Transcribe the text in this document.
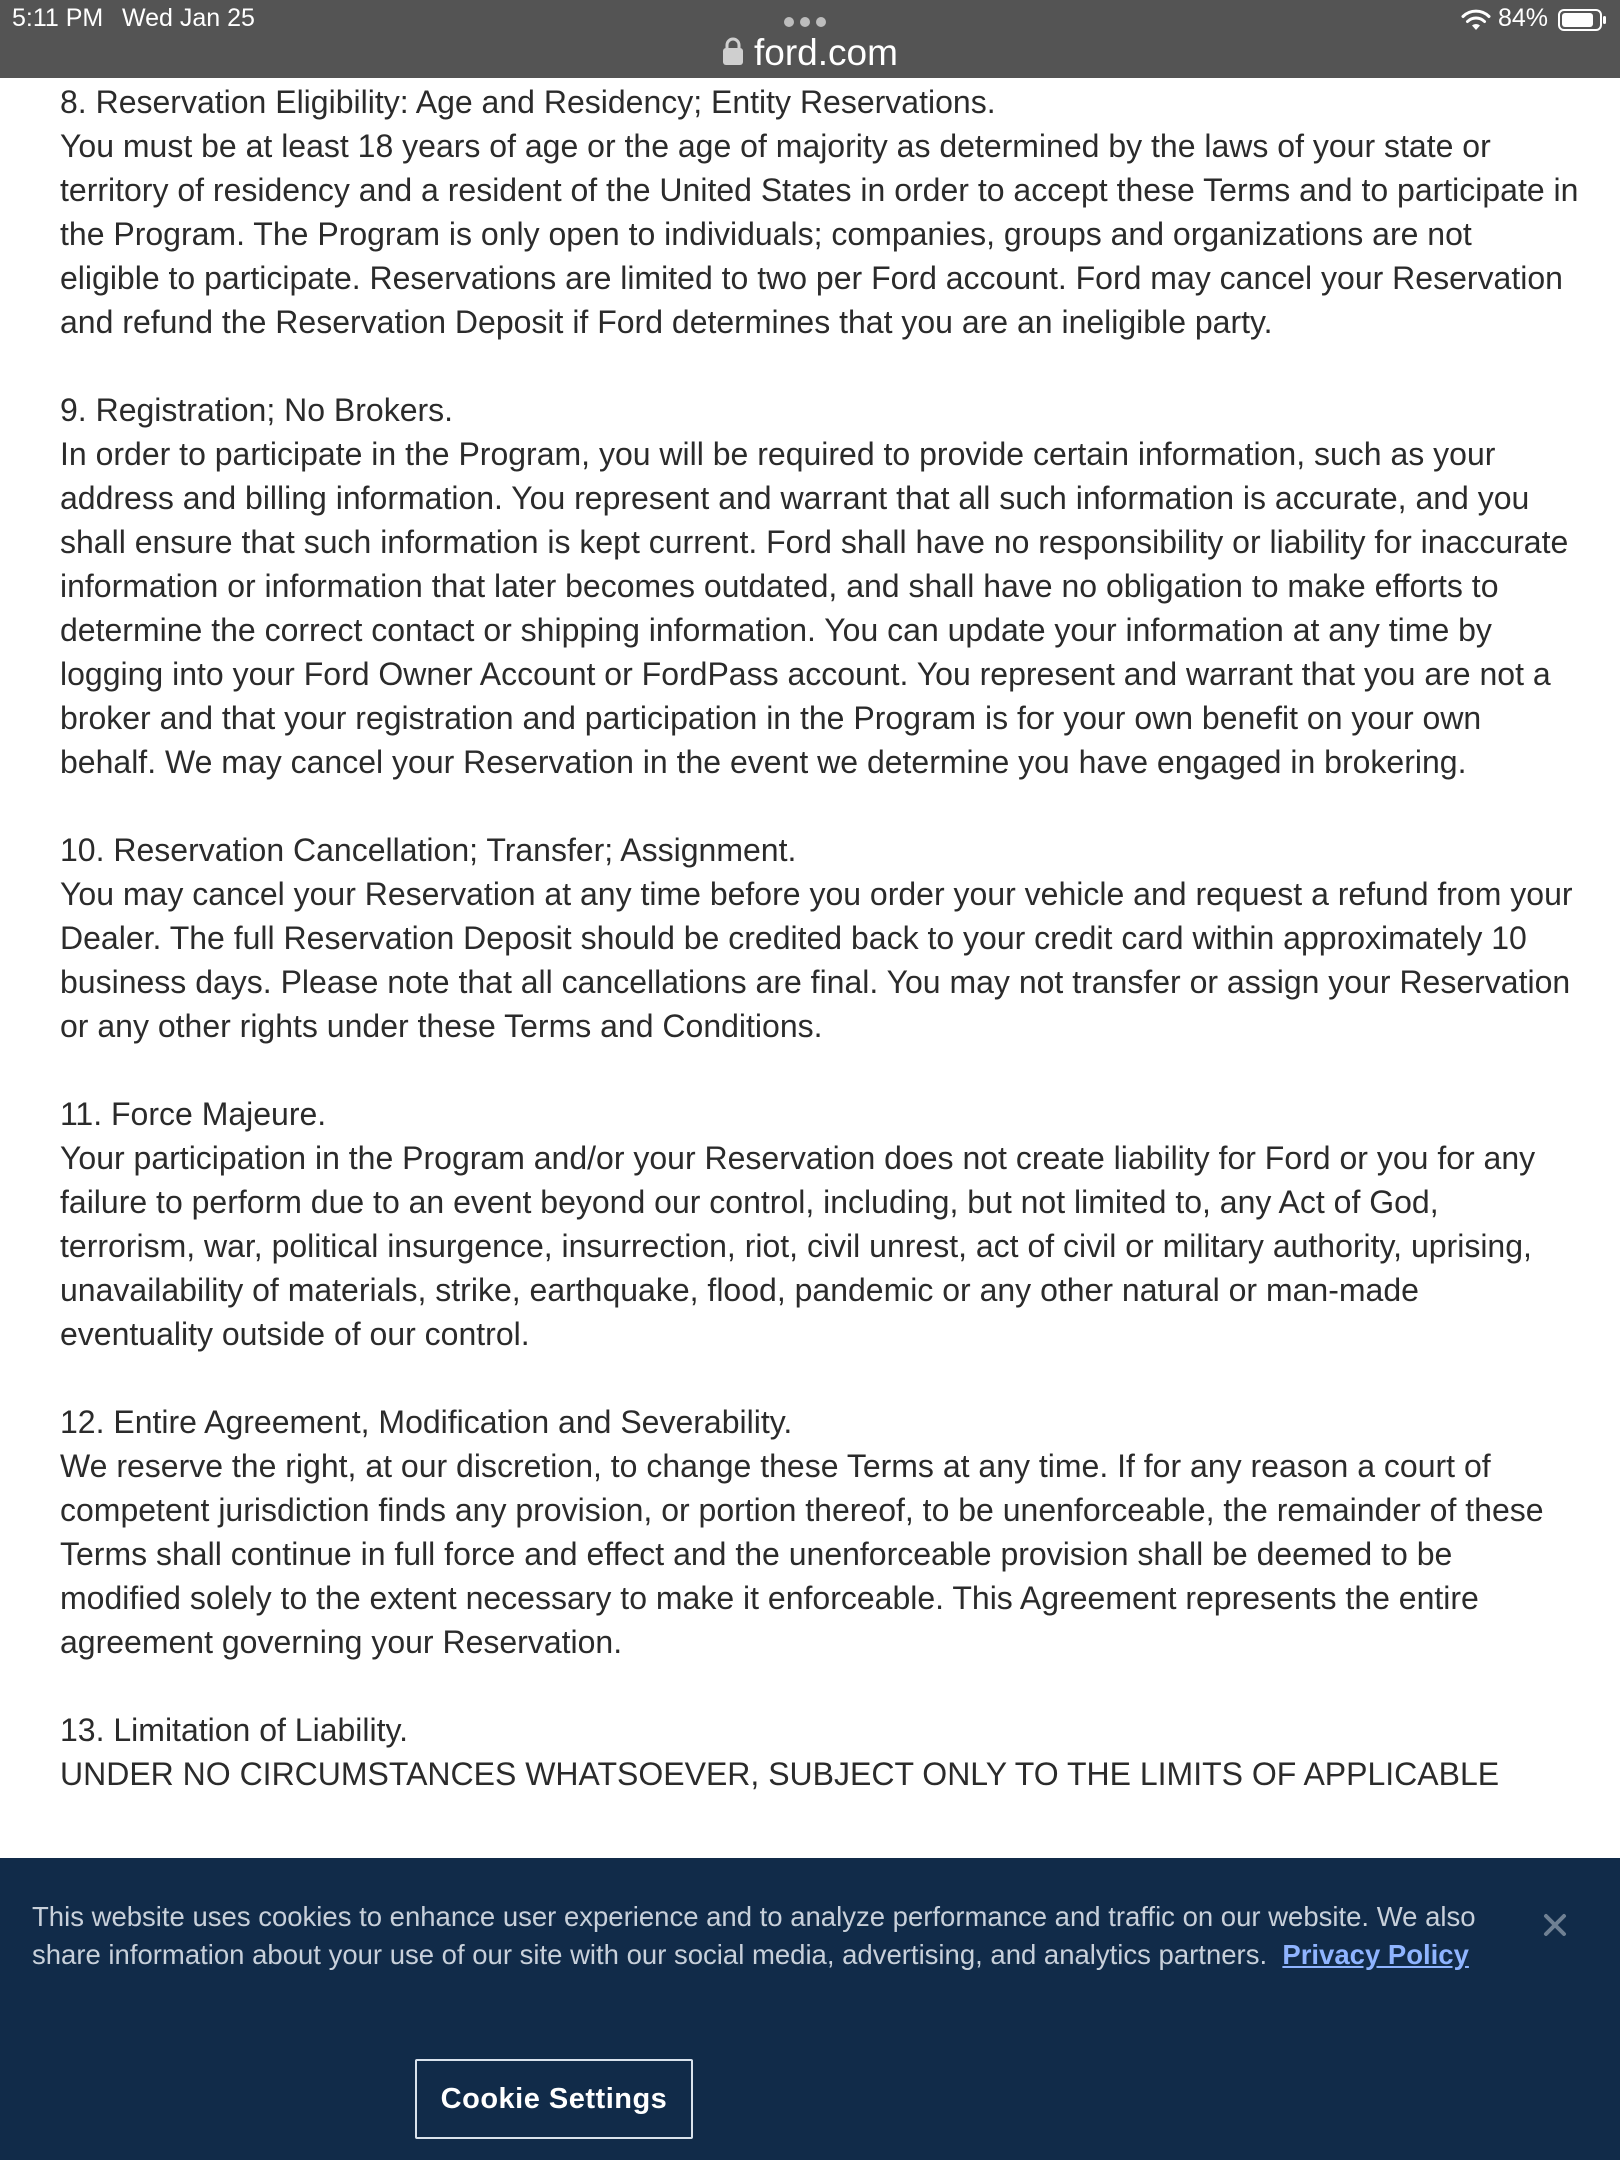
5:11 PM Wed Jan 25	84%
ford.com

8. Reservation Eligibility: Age and Residency; Entity Reservations.

You must be at least 18 years of age or the age of majority as determined by the laws of your state or territory of residency and a resident of the United States in order to accept these Terms and to participate in the Program. The Program is only open to individuals; companies, groups and organizations are not eligible to participate. Reservations are limited to two per Ford account. Ford may cancel your Reservation and refund the Reservation Deposit if Ford determines that you are an ineligible party.

9. Registration; No Brokers.

In order to participate in the Program, you will be required to provide certain information, such as your address and billing information. You represent and warrant that all such information is accurate, and you shall ensure that such information is kept current. Ford shall have no responsibility or liability for inaccurate information or information that later becomes outdated, and shall have no obligation to make efforts to determine the correct contact or shipping information. You can update your information at any time by logging into your Ford Owner Account or FordPass account. You represent and warrant that you are not a broker and that your registration and participation in the Program is for your own benefit on your own behalf. We may cancel your Reservation in the event we determine you have engaged in brokering.

10. Reservation Cancellation; Transfer; Assignment.

You may cancel your Reservation at any time before you order your vehicle and request a refund from your Dealer. The full Reservation Deposit should be credited back to your credit card within approximately 10 business days. Please note that all cancellations are final. You may not transfer or assign your Reservation or any other rights under these Terms and Conditions.

11. Force Majeure.

Your participation in the Program and/or your Reservation does not create liability for Ford or you for any failure to perform due to an event beyond our control, including, but not limited to, any Act of God, terrorism, war, political insurgence, insurrection, riot, civil unrest, act of civil or military authority, uprising, unavailability of materials, strike, earthquake, flood, pandemic or any other natural or man-made eventuality outside of our control.

12. Entire Agreement, Modification and Severability.

We reserve the right, at our discretion, to change these Terms at any time. If for any reason a court of competent jurisdiction finds any provision, or portion thereof, to be unenforceable, the remainder of these Terms shall continue in full force and effect and the unenforceable provision shall be deemed to be modified solely to the extent necessary to make it enforceable. This Agreement represents the entire agreement governing your Reservation.

13. Limitation of Liability.

UNDER NO CIRCUMSTANCES WHATSOEVER, SUBJECT ONLY TO THE LIMITS OF APPLICABLE

This website uses cookies to enhance user experience and to analyze performance and traffic on our website. We also share information about your use of our site with our social media, advertising, and analytics partners. Privacy Policy
Cookie Settings
